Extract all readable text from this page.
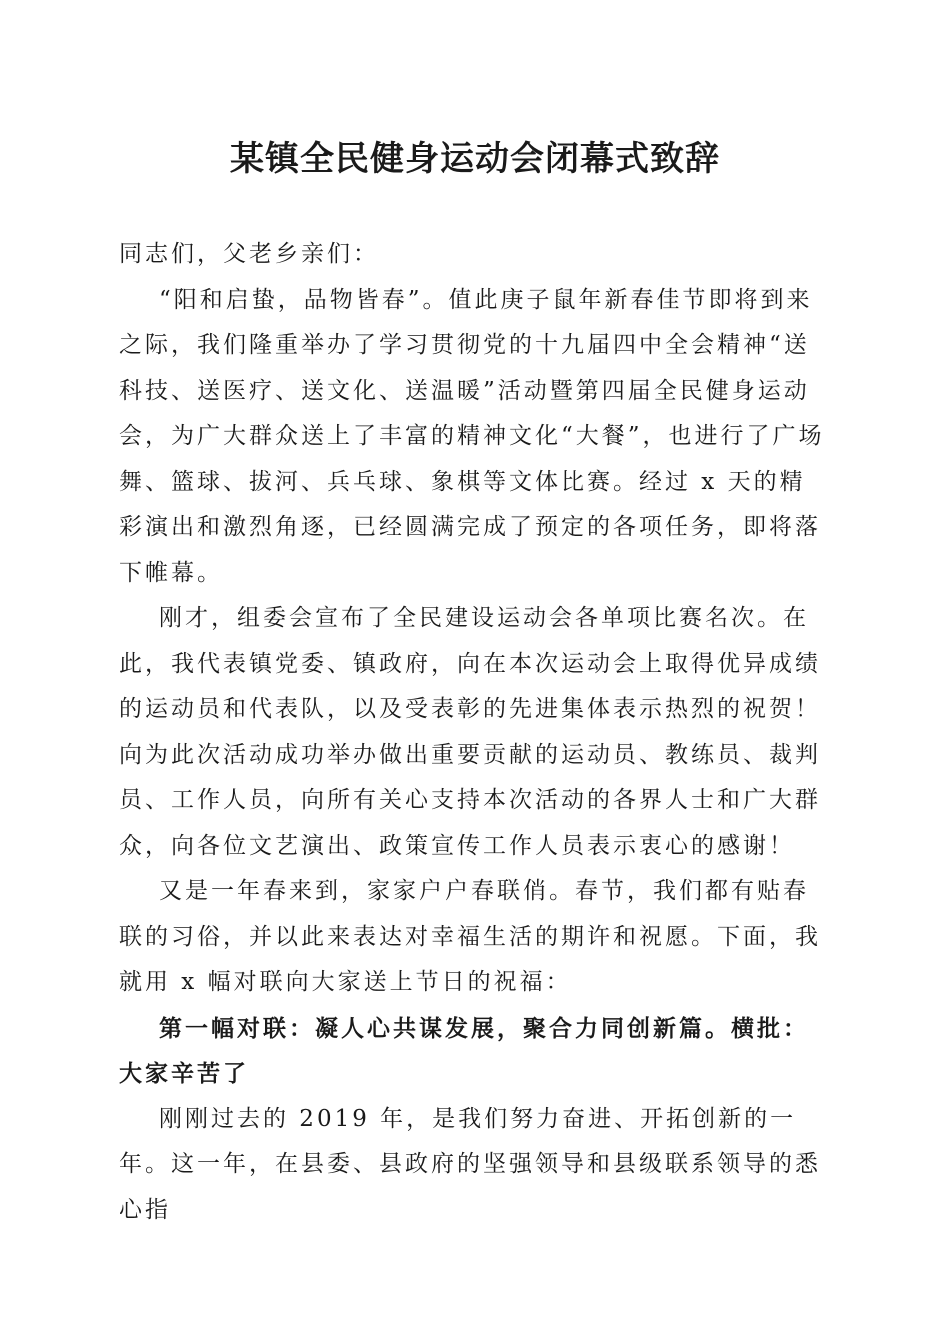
某镇全民健身运动会闭幕式致辞

同志们，父老乡亲们：

“阳和启蛰，品物皆春”。值此庚子鼠年新春佳节即将到来之际，我们隆重举办了学习贯彻党的十九届四中全会精神“送科技、送医疗、送文化、送温暖”活动暨第四届全民健身运动会，为广大群众送上了丰富的精神文化“大餐”，也进行了广场舞、篮球、拔河、兵乓球、象棋等文体比赛。经过 x 天的精彩演出和激烈角逐，已经圆满完成了预定的各项任务，即将落下帷幕。

刚才，组委会宣布了全民建设运动会各单项比赛名次。在此，我代表镇党委、镇政府，向在本次运动会上取得优异成绩的运动员和代表队，以及受表彰的先进集体表示热烈的祝贺！向为此次活动成功举办做出重要贡献的运动员、教练员、裁判员、工作人员，向所有关心支持本次活动的各界人士和广大群众，向各位文艺演出、政策宣传工作人员表示衷心的感谢！

又是一年春来到，家家户户春联俏。春节，我们都有贴春联的习俗，并以此来表达对幸福生活的期许和祝愿。下面，我就用 x 幅对联向大家送上节日的祝福：

第一幅对联：凝人心共谋发展，聚合力同创新篇。横批：大家辛苦了

刚刚过去的 2019 年，是我们努力奋进、开拓创新的一年。这一年，在县委、县政府的坚强领导和县级联系领导的悉心指
